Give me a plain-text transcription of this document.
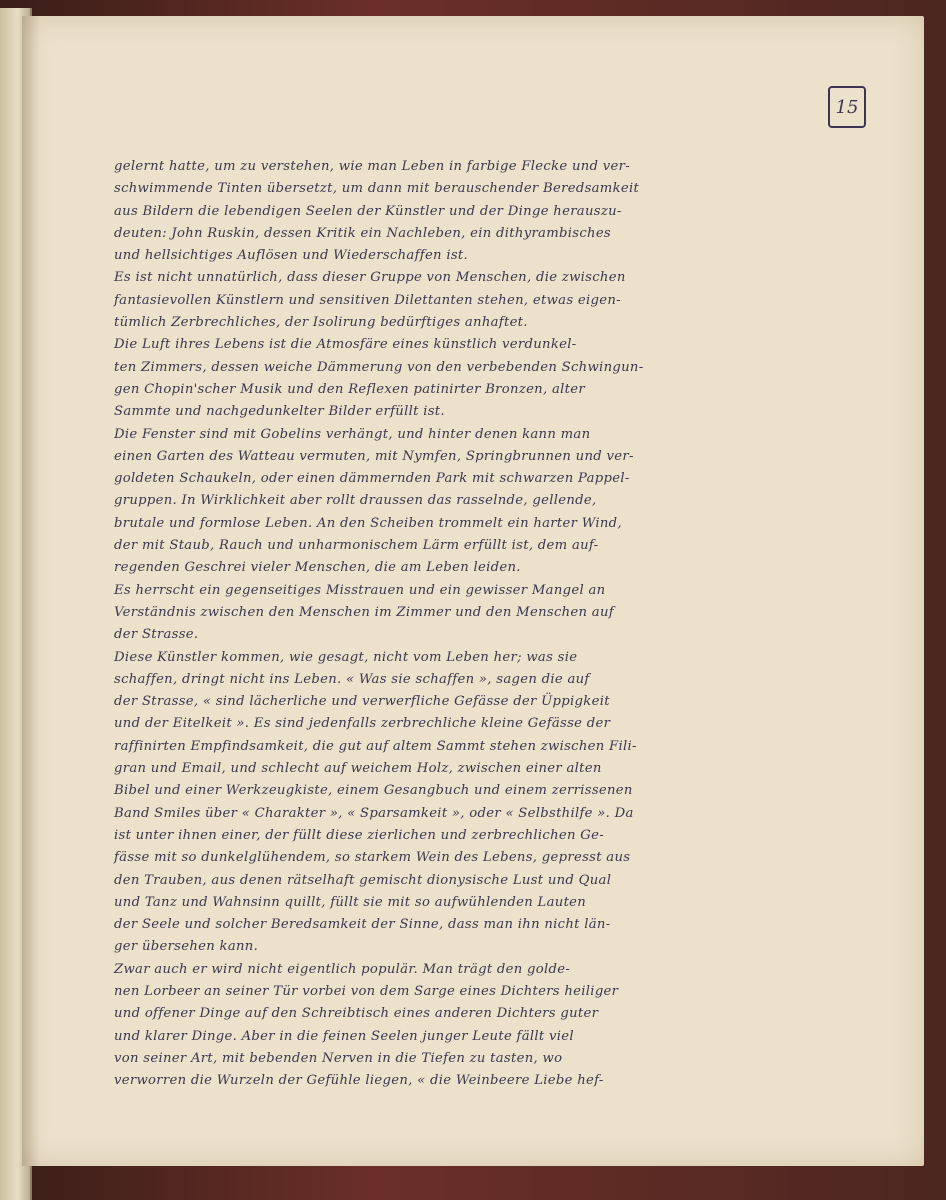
15
gelernt hatte, um zu verstehen, wie man Leben in farbige Flecke und ver-
schwimmende Tinten übersetzt, um dann mit berauschender Beredsamkeit
aus Bildern die lebendigen Seelen der Künstler und der Dinge herauszu-
deuten: John Ruskin, dessen Kritik ein Nachleben, ein dithyrambisches
und hellsichtiges Auflösen und Wiederschaffen ist.
Es ist nicht unnatürlich, dass dieser Gruppe von Menschen, die zwischen
fantasievollen Künstlern und sensitiven Dilettanten stehen, etwas eigen-
tümlich Zerbrechliches, der Isolirung bedürftiges anhaftet.
Die Luft ihres Lebens ist die Atmosfäre eines künstlich verdunkel-
ten Zimmers, dessen weiche Dämmerung von den verbebenden Schwingun-
gen Chopin'scher Musik und den Reflexen patinirter Bronzen, alter
Sammte und nachgedunkelter Bilder erfüllt ist.
Die Fenster sind mit Gobelins verhängt, und hinter denen kann man
einen Garten des Watteau vermuten, mit Nymfen, Springbrunnen und ver-
goldeten Schaukeln, oder einen dämmernden Park mit schwarzen Pappel-
gruppen. In Wirklichkeit aber rollt draussen das rasselnde, gellende,
brutale und formlose Leben. An den Scheiben trommelt ein harter Wind,
der mit Staub, Rauch und unharmonischem Lärm erfüllt ist, dem auf-
regenden Geschrei vieler Menschen, die am Leben leiden.
Es herrscht ein gegenseitiges Misstrauen und ein gewisser Mangel an
Verständnis zwischen den Menschen im Zimmer und den Menschen auf
der Strasse.
Diese Künstler kommen, wie gesagt, nicht vom Leben her; was sie
schaffen, dringt nicht ins Leben. « Was sie schaffen », sagen die auf
der Strasse, « sind lächerliche und verwerfliche Gefässe der Üppigkeit
und der Eitelkeit ». Es sind jedenfalls zerbrechliche kleine Gefässe der
raffinirten Empfindsamkeit, die gut auf altem Sammt stehen zwischen Fili-
gran und Email, und schlecht auf weichem Holz, zwischen einer alten
Bibel und einer Werkzeugkiste, einem Gesangbuch und einem zerrissenen
Band Smiles über « Charakter », « Sparsamkeit », oder « Selbsthilfe ». Da
ist unter ihnen einer, der füllt diese zierlichen und zerbrechlichen Ge-
fässe mit so dunkelglühendem, so starkem Wein des Lebens, gepresst aus
den Trauben, aus denen rätselhaft gemischt dionysische Lust und Qual
und Tanz und Wahnsinn quillt, füllt sie mit so aufwühlenden Lauten
der Seele und solcher Beredsamkeit der Sinne, dass man ihn nicht län-
ger übersehen kann.
Zwar auch er wird nicht eigentlich populär. Man trägt den golde-
nen Lorbeer an seiner Tür vorbei von dem Sarge eines Dichters heiliger
und offener Dinge auf den Schreibtisch eines anderen Dichters guter
und klarer Dinge. Aber in die feinen Seelen junger Leute fällt viel
von seiner Art, mit bebenden Nerven in die Tiefen zu tasten, wo
verworren die Wurzeln der Gefühle liegen, « die Weinbeere Liebe hef-
